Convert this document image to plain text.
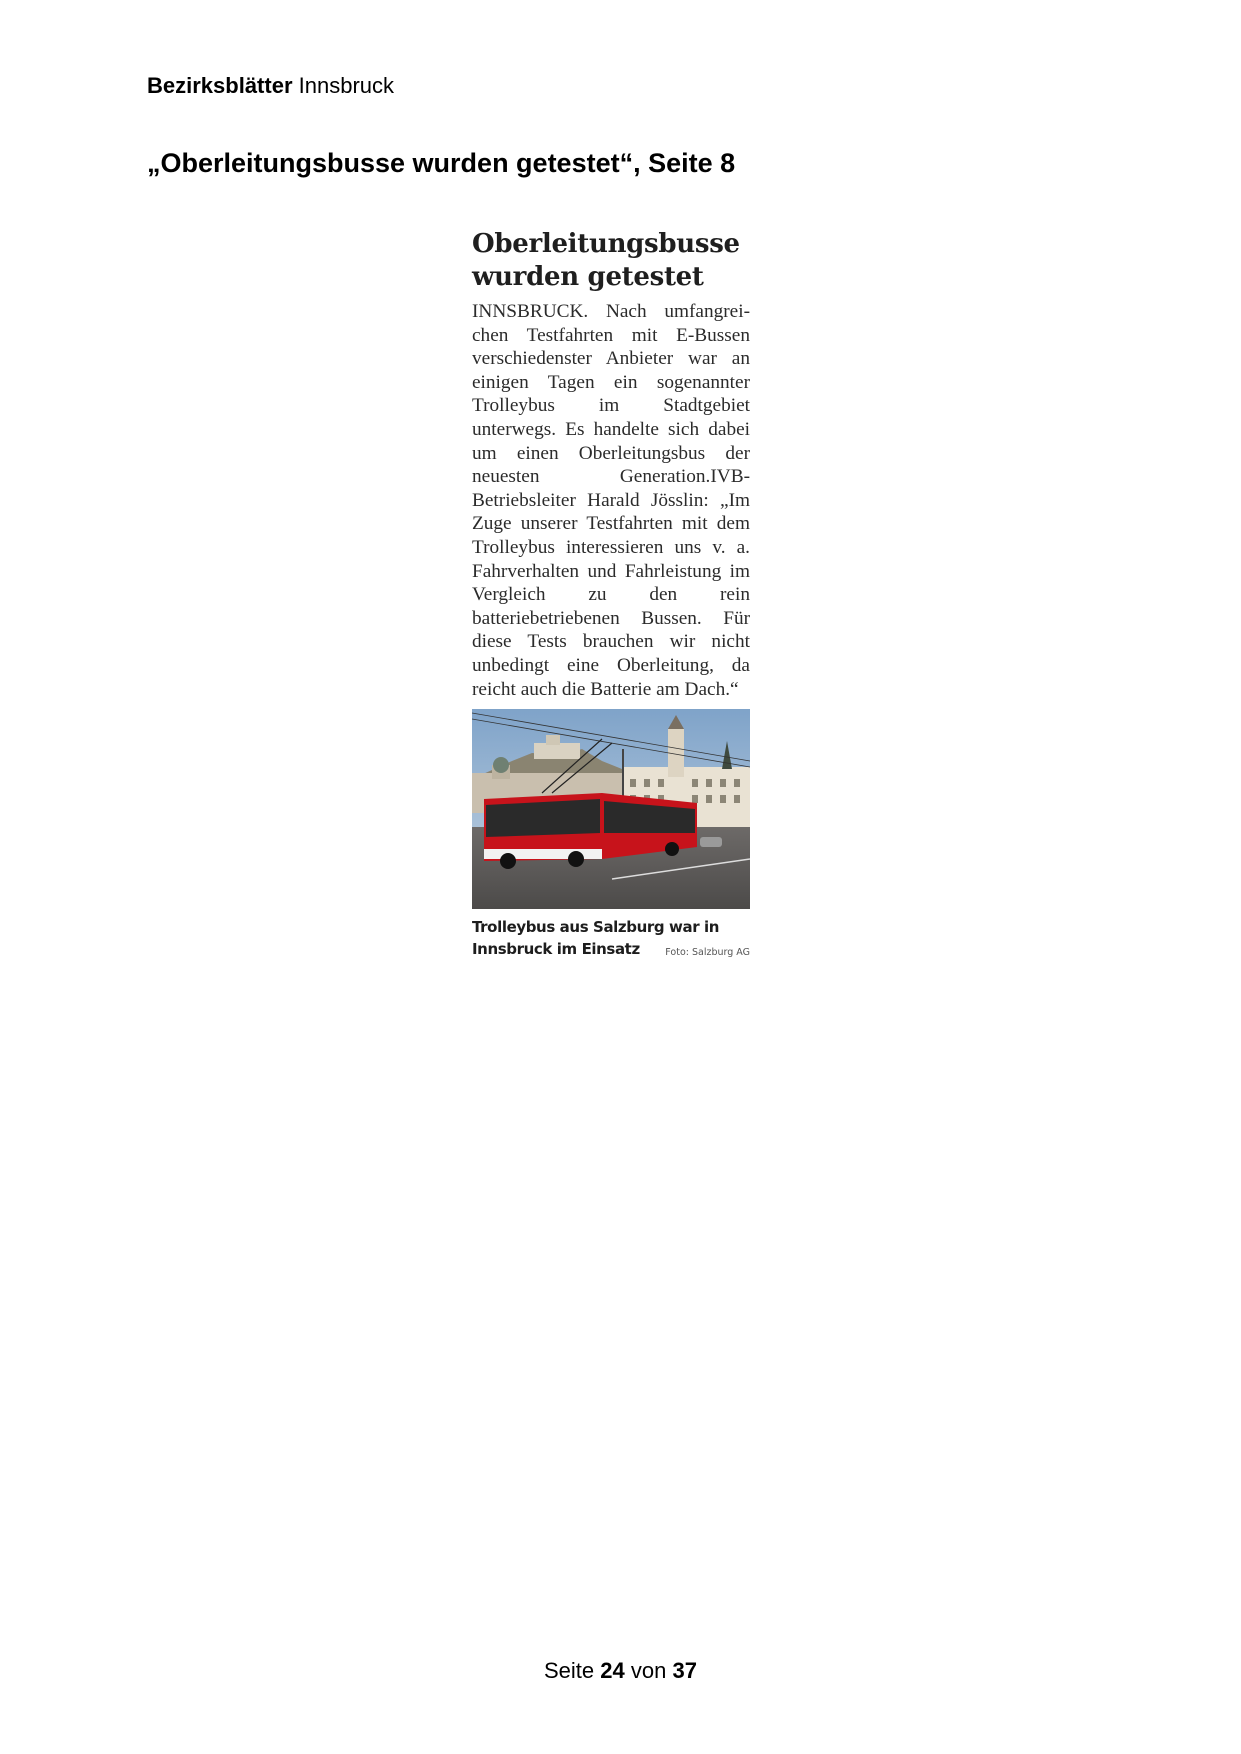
Bezirksblätter Innsbruck
„Oberleitungsbusse wurden getestet“, Seite 8
Oberleitungsbusse
wurden getestet

INNSBRUCK. Nach umfangreichen Testfahrten mit E-Bussen verschiedenster Anbieter war an einigen Tagen ein sogenannter Trolleybus im Stadtgebiet unterwegs. Es handelte sich dabei um einen Oberleitungsbus der neuesten Generation.IVB-Betriebsleiter Harald Jösslin: „Im Zuge unserer Testfahrten mit dem Trolleybus interessieren uns v. a. Fahrverhalten und Fahrleistung im Vergleich zu den rein batteriebetriebenen Bussen. Für diese Tests brauchen wir nicht unbedingt eine Oberleitung, da reicht auch die Batterie am Dach.“

Trolleybus aus Salzburg war in Innsbruck im Einsatz	Foto: Salzburg AG
Seite 24 von 37
